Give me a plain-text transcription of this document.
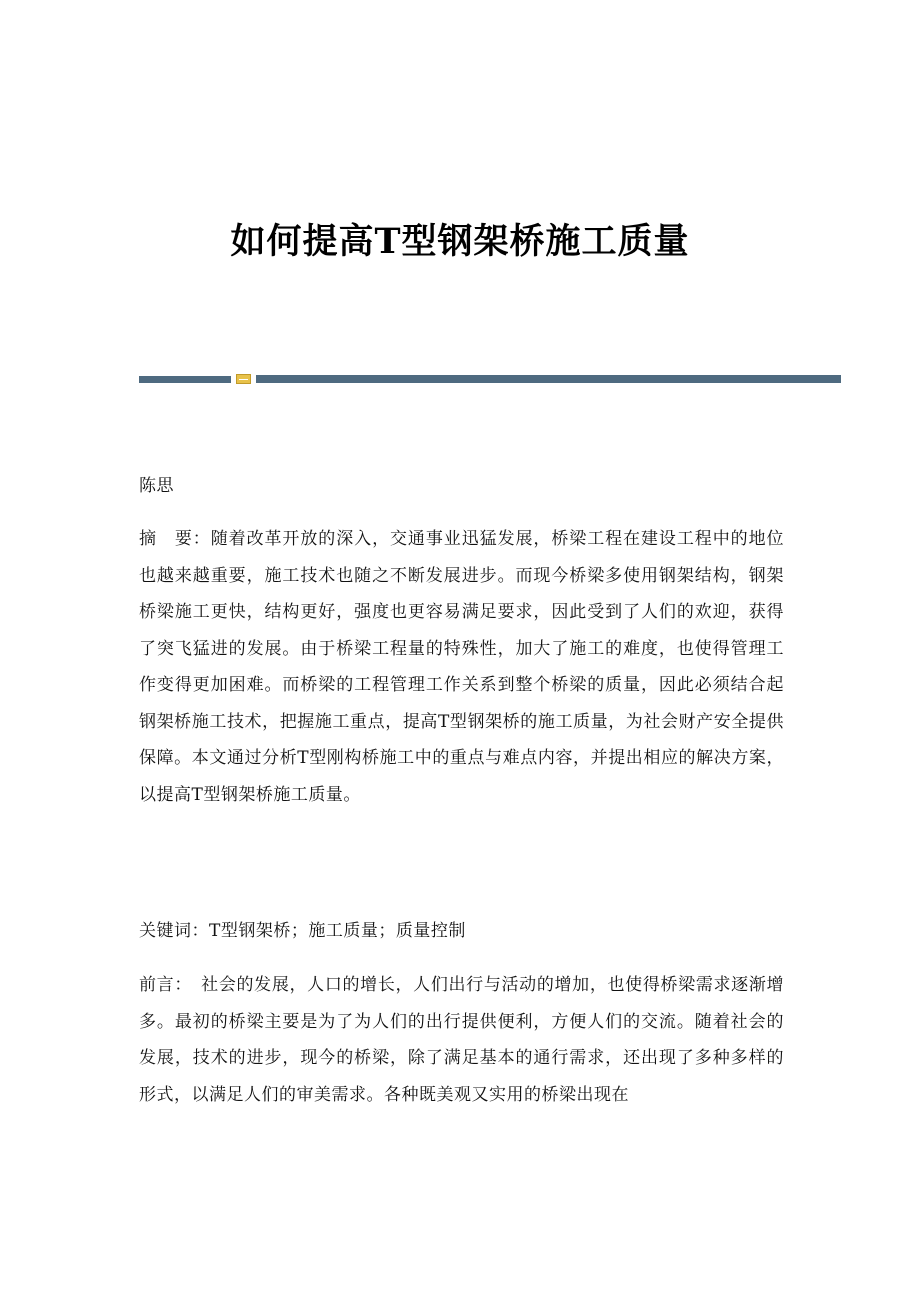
如何提高T型钢架桥施工质量

陈思

摘　要：随着改革开放的深入，交通事业迅猛发展，桥梁工程在建设工程中的地位也越来越重要，施工技术也随之不断发展进步。而现今桥梁多使用钢架结构，钢架桥梁施工更快，结构更好，强度也更容易满足要求，因此受到了人们的欢迎，获得了突飞猛进的发展。由于桥梁工程量的特殊性，加大了施工的难度，也使得管理工作变得更加困难。而桥梁的工程管理工作关系到整个桥梁的质量，因此必须结合起钢架桥施工技术，把握施工重点，提高T型钢架桥的施工质量，为社会财产安全提供保障。本文通过分析T型刚构桥施工中的重点与难点内容，并提出相应的解决方案，以提高T型钢架桥施工质量。

关键词：T型钢架桥；施工质量；质量控制

前言：　社会的发展，人口的增长，人们出行与活动的增加，也使得桥梁需求逐渐增多。最初的桥梁主要是为了为人们的出行提供便利，方便人们的交流。随着社会的发展，技术的进步，现今的桥梁，除了满足基本的通行需求，还出现了多种多样的形式，以满足人们的审美需求。各种既美观又实用的桥梁出现在
